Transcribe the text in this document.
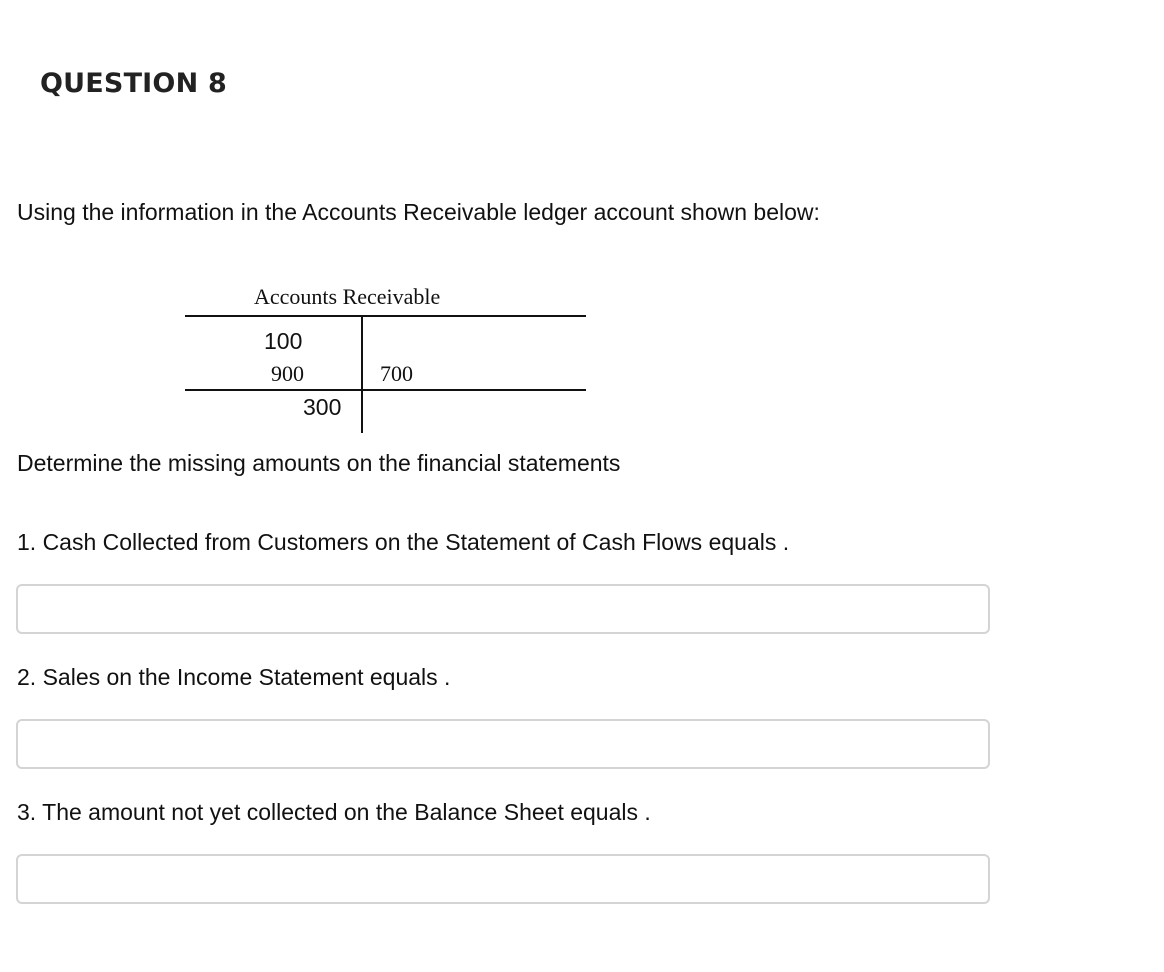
QUESTION 8

Using the information in the Accounts Receivable ledger account shown below:

Accounts Receivable
100
900	700
300

Determine the missing amounts on the financial statements

1. Cash Collected from Customers on the Statement of Cash Flows equals .

2. Sales on the Income Statement equals .

3. The amount not yet collected on the Balance Sheet equals .
